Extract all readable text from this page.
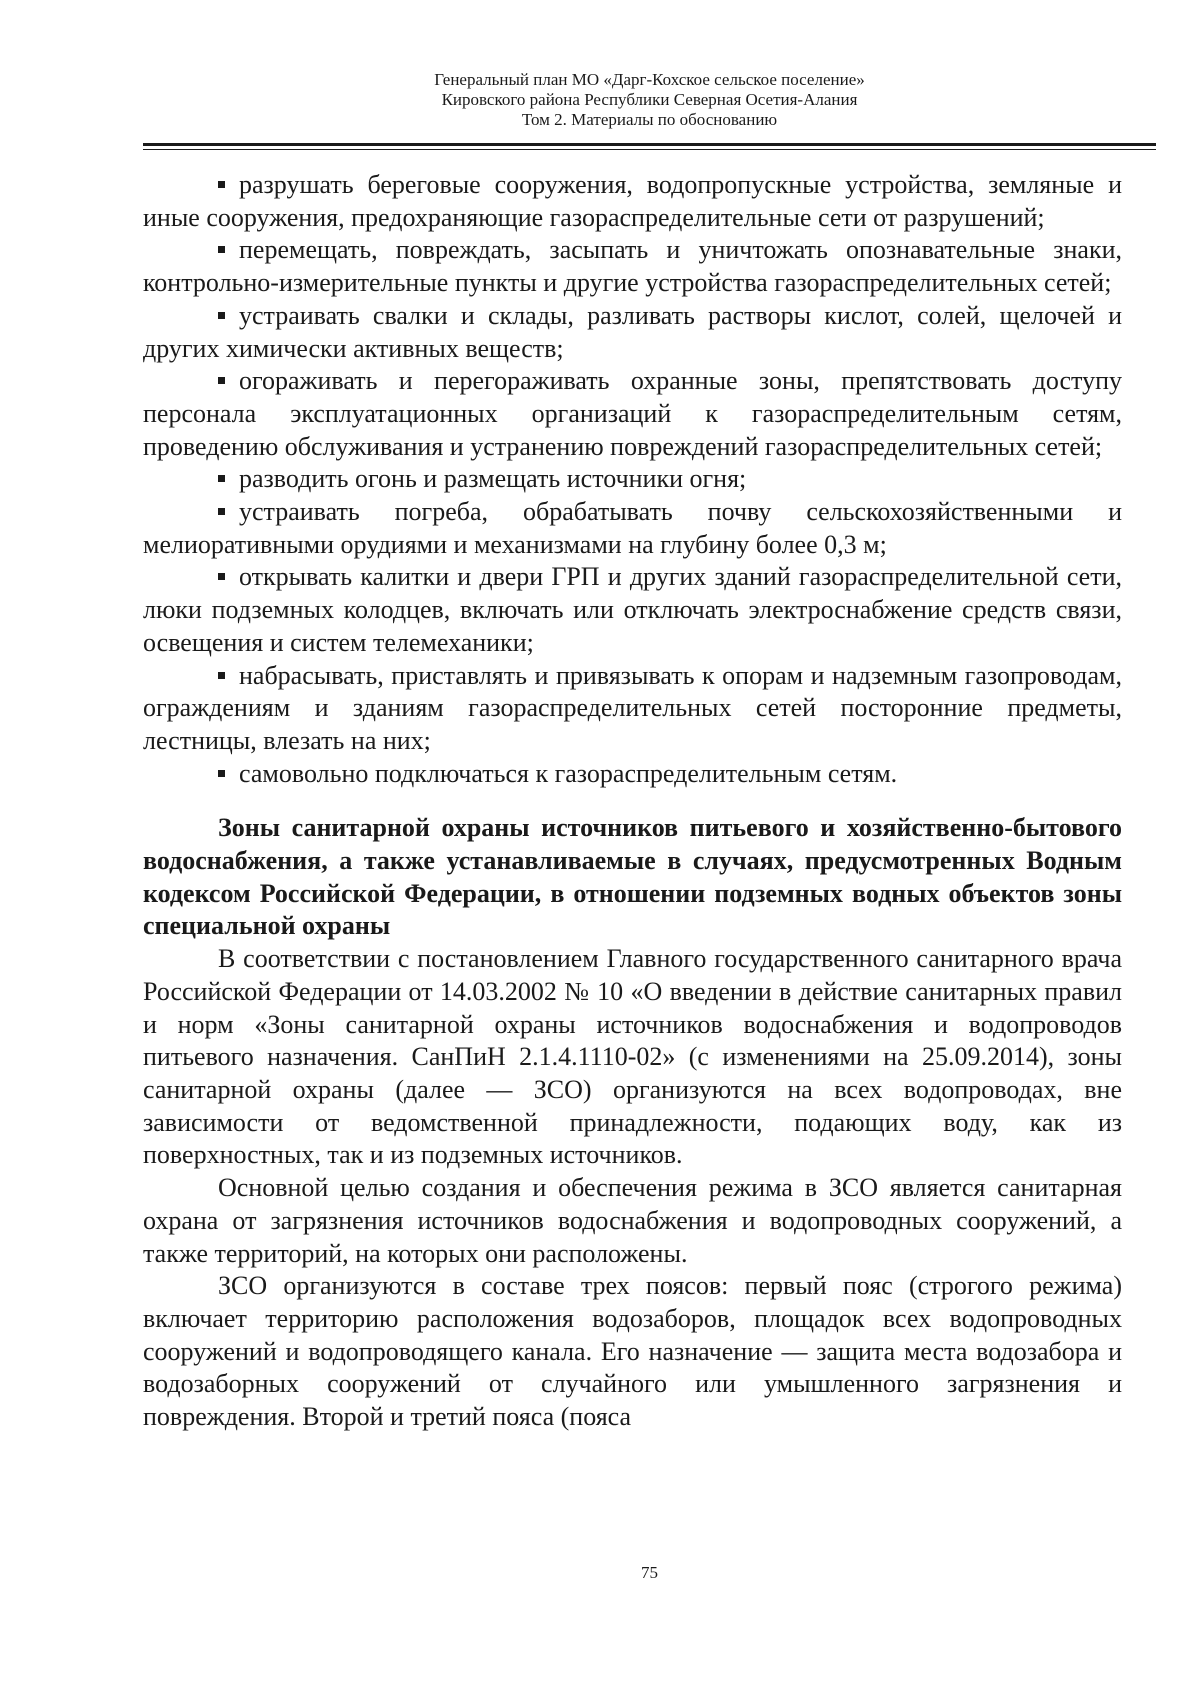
Генеральный план МО «Дарг-Кохское сельское поселение»
Кировского района Республики Северная Осетия-Алания
Том 2. Материалы по обоснованию

разрушать береговые сооружения, водопропускные устройства, земляные и иные сооружения, предохраняющие газораспределительные сети от разрушений;

перемещать, повреждать, засыпать и уничтожать опознавательные знаки, контрольно-измерительные пункты и другие устройства газораспределительных сетей;

устраивать свалки и склады, разливать растворы кислот, солей, щелочей и других химически активных веществ;

огораживать и перегораживать охранные зоны, препятствовать доступу персонала эксплуатационных организаций к газораспределительным сетям, проведению обслуживания и устранению повреждений газораспределительных сетей;

разводить огонь и размещать источники огня;

устраивать погреба, обрабатывать почву сельскохозяйственными и мелиоративными орудиями и механизмами на глубину более 0,3 м;

открывать калитки и двери ГРП и других зданий газораспределительной сети, люки подземных колодцев, включать или отключать электроснабжение средств связи, освещения и систем телемеханики;

набрасывать, приставлять и привязывать к опорам и надземным газопроводам, ограждениям и зданиям газораспределительных сетей посторонние предметы, лестницы, влезать на них;

самовольно подключаться к газораспределительным сетям.

Зоны санитарной охраны источников питьевого и хозяйственно-бытового водоснабжения, а также устанавливаемые в случаях, предусмотренных Водным кодексом Российской Федерации, в отношении подземных водных объектов зоны специальной охраны

В соответствии с постановлением Главного государственного санитарного врача Российской Федерации от 14.03.2002 № 10 «О введении в действие санитарных правил и норм «Зоны санитарной охраны источников водоснабжения и водопроводов питьевого назначения. СанПиН 2.1.4.1110-02» (с изменениями на 25.09.2014), зоны санитарной охраны (далее — ЗСО) организуются на всех водопроводах, вне зависимости от ведомственной принадлежности, подающих воду, как из поверхностных, так и из подземных источников.

Основной целью создания и обеспечения режима в ЗСО является санитарная охрана от загрязнения источников водоснабжения и водопроводных сооружений, а также территорий, на которых они расположены.

ЗСО организуются в составе трех поясов: первый пояс (строгого режима) включает территорию расположения водозаборов, площадок всех водопроводных сооружений и водопроводящего канала. Его назначение — защита места водозабора и водозаборных сооружений от случайного или умышленного загрязнения и повреждения. Второй и третий пояса (пояса

75
